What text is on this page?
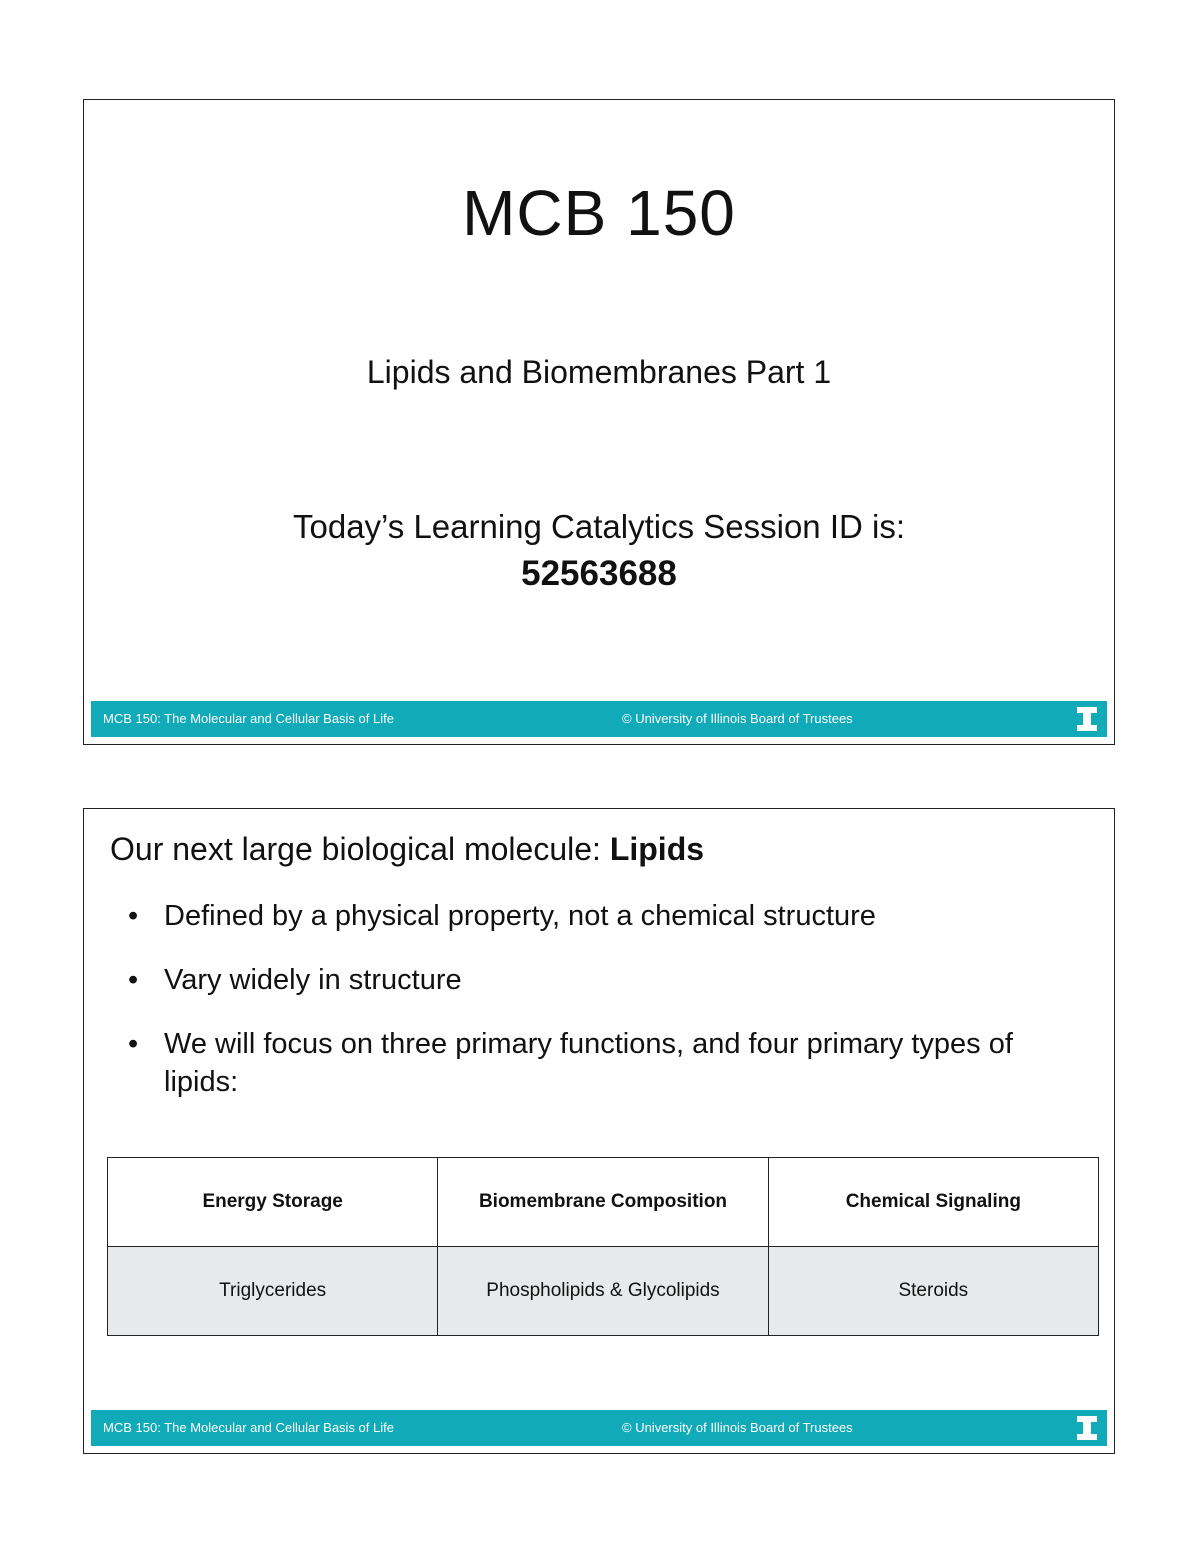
MCB 150
Lipids and Biomembranes Part 1
Today’s Learning Catalytics Session ID is:
52563688
MCB 150: The Molecular and Cellular Basis of Life	© University of Illinois Board of Trustees
Our next large biological molecule: Lipids
• Defined by a physical property, not a chemical structure
• Vary widely in structure
• We will focus on three primary functions, and four primary types of lipids:
Energy Storage	Biomembrane Composition	Chemical Signaling
Triglycerides	Phospholipids & Glycolipids	Steroids
MCB 150: The Molecular and Cellular Basis of Life	© University of Illinois Board of Trustees
